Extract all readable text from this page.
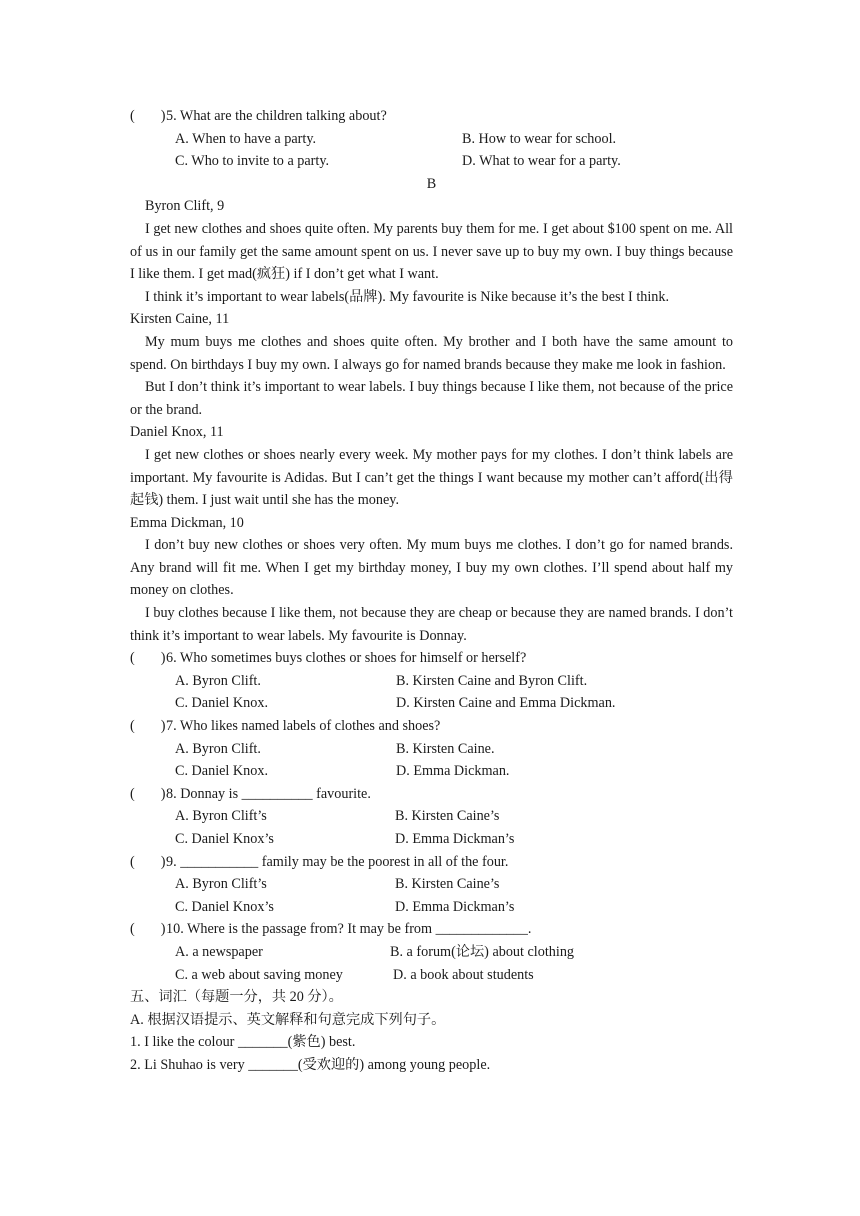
( ) 5. What are the children talking about?
A. When to have a party.	B. How to wear for school.
C. Who to invite to a party.	D. What to wear for a party.
B
Byron Clift, 9
I get new clothes and shoes quite often. My parents buy them for me. I get about $100 spent on me. All of us in our family get the same amount spent on us. I never save up to buy my own. I buy things because I like them. I get mad(疯狂) if I don’t get what I want.
I think it’s important to wear labels(品牌). My favourite is Nike because it’s the best I think.
Kirsten Caine, 11
My mum buys me clothes and shoes quite often. My brother and I both have the same amount to spend. On birthdays I buy my own. I always go for named brands because they make me look in fashion.
But I don’t think it’s important to wear labels. I buy things because I like them, not because of the price or the brand.
Daniel Knox, 11
I get new clothes or shoes nearly every week. My mother pays for my clothes. I don’t think labels are important. My favourite is Adidas. But I can’t get the things I want because my mother can’t afford(出得起钱) them. I just wait until she has the money.
Emma Dickman, 10
I don’t buy new clothes or shoes very often. My mum buys me clothes. I don’t go for named brands. Any brand will fit me. When I get my birthday money, I buy my own clothes. I’ll spend about half my money on clothes.
I buy clothes because I like them, not because they are cheap or because they are named brands. I don’t think it’s important to wear labels. My favourite is Donnay.
( ) 6. Who sometimes buys clothes or shoes for himself or herself?
A. Byron Clift.	B. Kirsten Caine and Byron Clift.
C. Daniel Knox.	D. Kirsten Caine and Emma Dickman.
( ) 7. Who likes named labels of clothes and shoes?
A. Byron Clift.	B. Kirsten Caine.
C. Daniel Knox.	D. Emma Dickman.
( ) 8. Donnay is __________ favourite.
A. Byron Clift’s	B. Kirsten Caine’s
C. Daniel Knox’s	D. Emma Dickman’s
( ) 9. ___________ family may be the poorest in all of the four.
A. Byron Clift’s	B. Kirsten Caine’s
C. Daniel Knox’s	D. Emma Dickman’s
( ) 10. Where is the passage from? It may be from _____________.
A. a newspaper	B. a forum(论坛) about clothing
C. a web about saving money	D. a book about students
五、词汇（每题一分，共 20 分）。
A. 根据汉语提示、英文解释和句意完成下列句子。
1. I like the colour _______(紫色) best.
2. Li Shuhao is very _______(受欢迎的) among young people.
